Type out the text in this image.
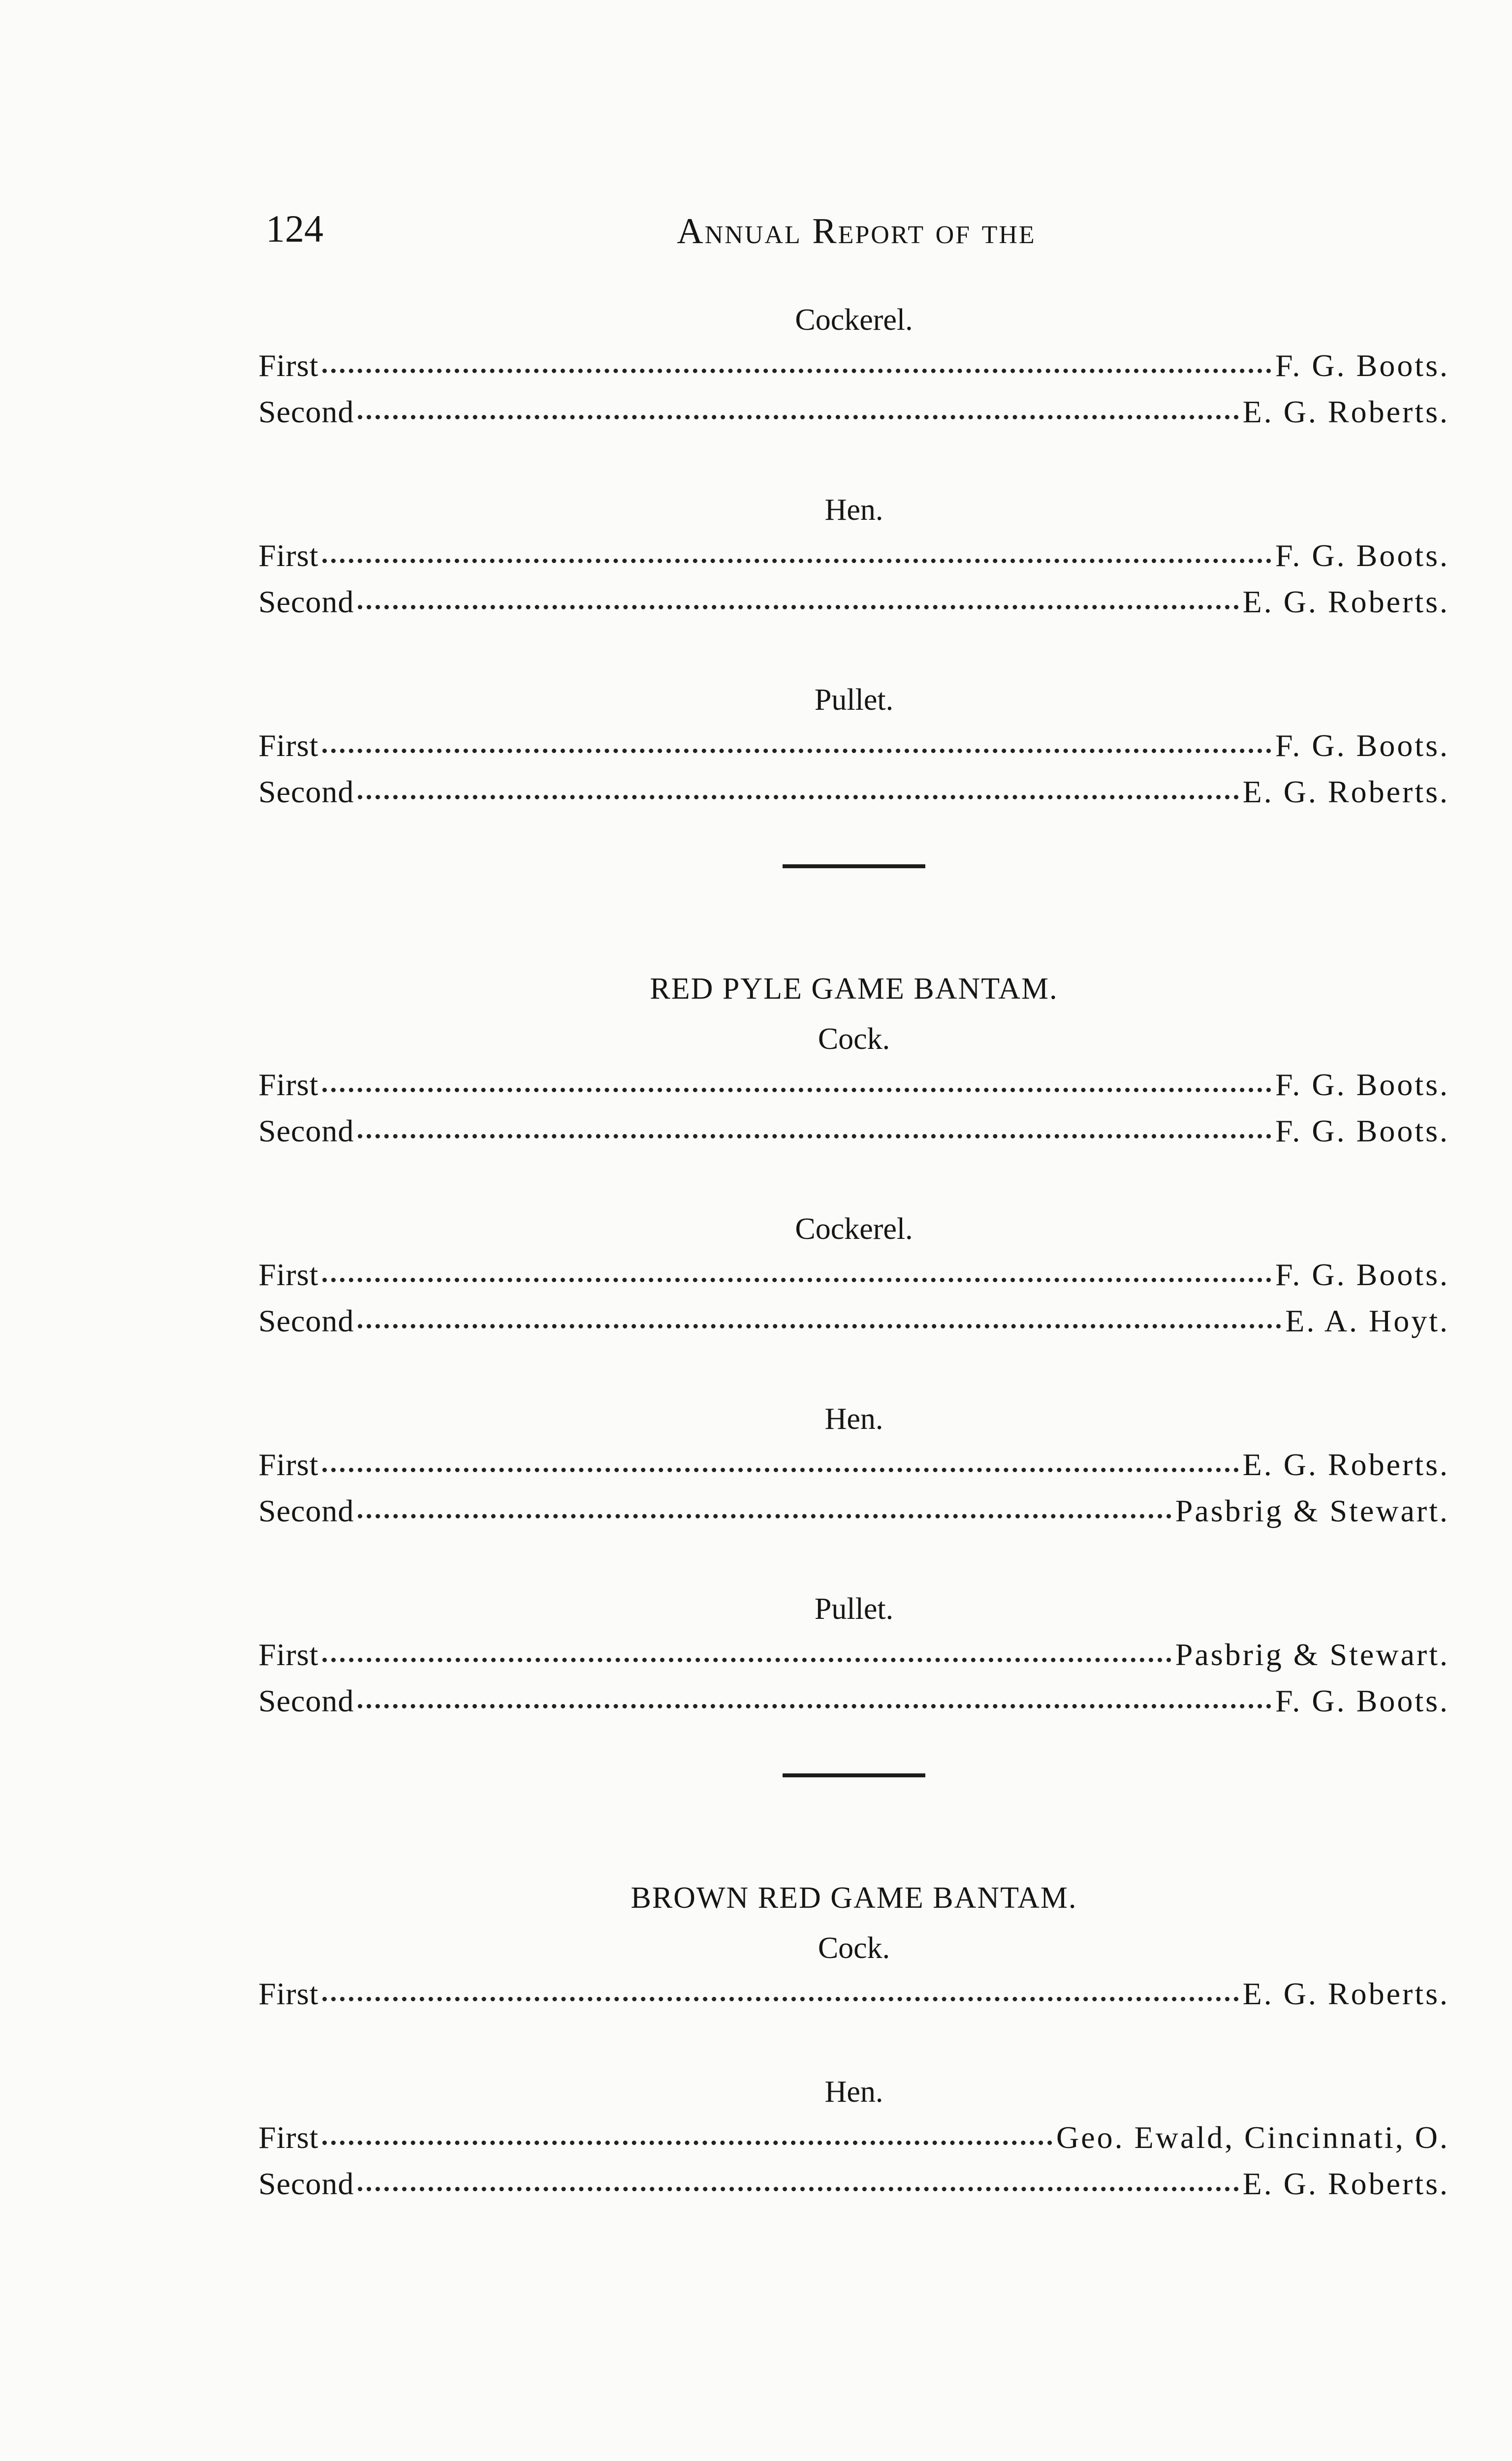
124	Annual Report of the
Cockerel.
First	F. G. Boots.
Second	E. G. Roberts.
Hen.
First	F. G. Boots.
Second	E. G. Roberts.
Pullet.
First	F. G. Boots.
Second	E. G. Roberts.
RED PYLE GAME BANTAM.
Cock.
First	F. G. Boots.
Second	F. G. Boots.
Cockerel.
First	F. G. Boots.
Second	E. A. Hoyt.
Hen.
First	E. G. Roberts.
Second	Pasbrig & Stewart.
Pullet.
First	Pasbrig & Stewart.
Second	F. G. Boots.
BROWN RED GAME BANTAM.
Cock.
First	E. G. Roberts.
Hen.
First	Geo. Ewald, Cincinnati, O.
Second	E. G. Roberts.
